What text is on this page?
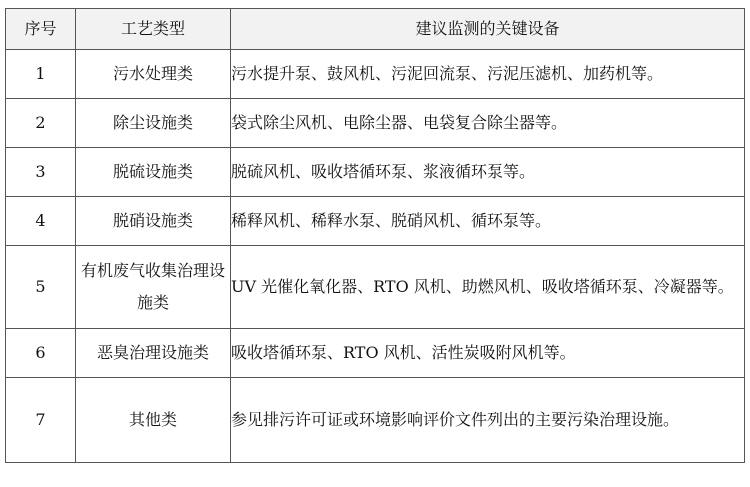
序号	工艺类型	建议监测的关键设备
1	污水处理类	污水提升泵、鼓风机、污泥回流泵、污泥压滤机、加药机等。
2	除尘设施类	袋式除尘风机、电除尘器、电袋复合除尘器等。
3	脱硫设施类	脱硫风机、吸收塔循环泵、浆液循环泵等。
4	脱硝设施类	稀释风机、稀释水泵、脱硝风机、循环泵等。
5	有机废气收集治理设施类	UV 光催化氧化器、RTO 风机、助燃风机、吸收塔循环泵、冷凝器等。
6	恶臭治理设施类	吸收塔循环泵、RTO 风机、活性炭吸附风机等。
7	其他类	参见排污许可证或环境影响评价文件列出的主要污染治理设施。
